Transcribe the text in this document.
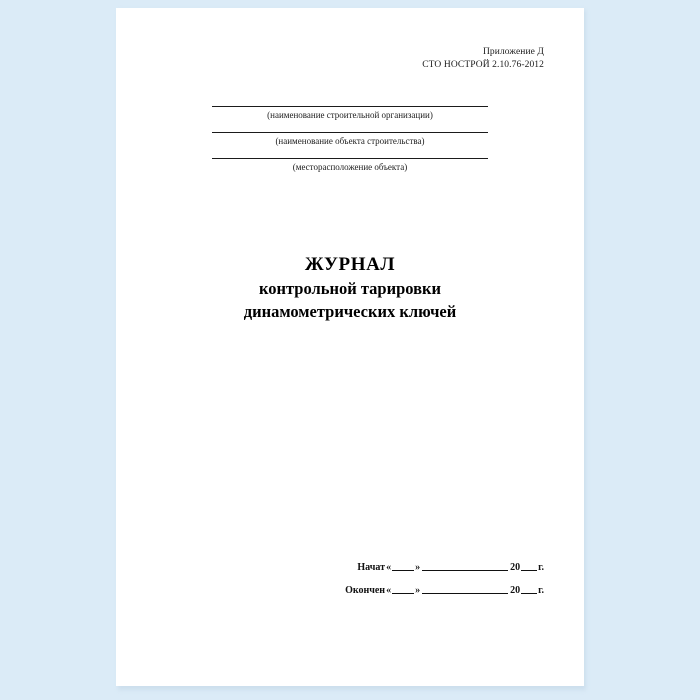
Приложение Д
СТО НОСТРОЙ 2.10.76-2012
(наименование строительной организации)
(наименование объекта строительства)
(месторасположение объекта)
ЖУРНАЛ
контрольной тарировки
динамометрических ключей
Начат « »	20 г.
Окончен « »	20 г.
